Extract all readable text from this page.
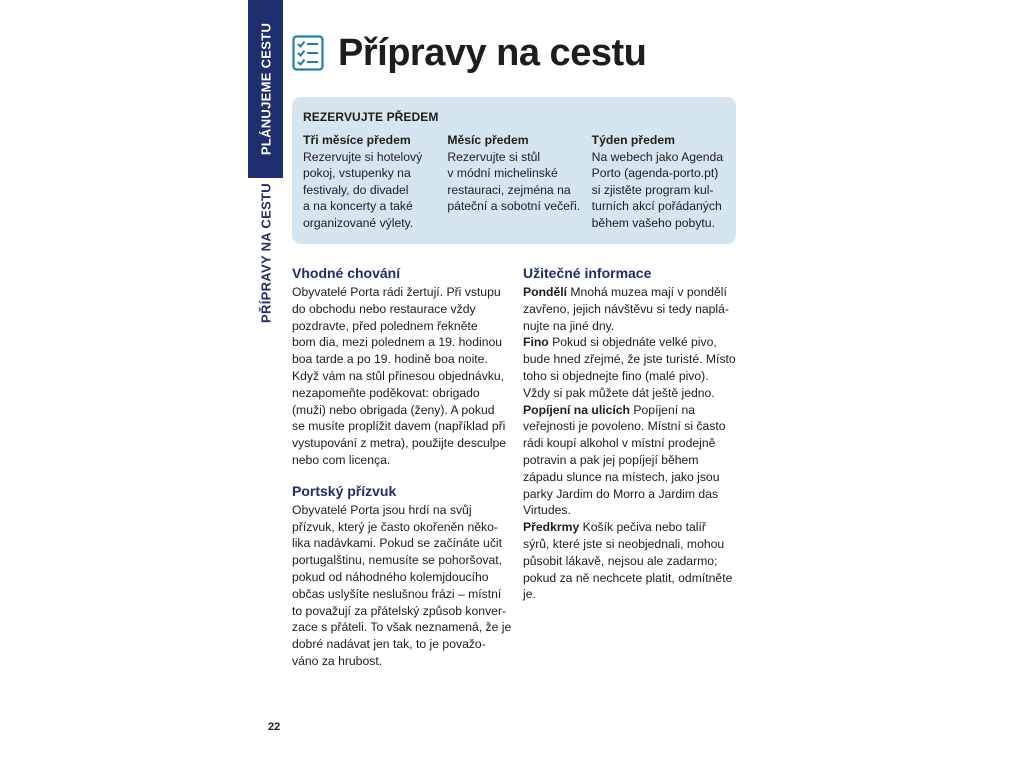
PLÁNUJEME CESTU
PŘÍPRAVY NA CESTU
Přípravy na cestu
REZERVUJTE PŘEDEM
Tři měsíce předem
Rezervujte si hotelový
pokoj, vstupenky na
festivaly, do divadel
a na koncerty a také
organizované výlety.
Měsíc předem
Rezervujte si stůl
v módní michelinské
restauraci, zejména na
páteční a sobotní večeři.
Týden předem
Na webech jako Agenda
Porto (agenda-porto.pt)
si zjistěte program kul-
turních akcí pořádaných
během vašeho pobytu.
Vhodné chování
Obyvatelé Porta rádi žertují. Při vstupu
do obchodu nebo restaurace vždy
pozdravte, před polednem řekněte
bom dia, mezi polednem a 19. hodinou
boa tarde a po 19. hodině boa noite.
Když vám na stůl přinesou objednávku,
nezapomeňte poděkovat: obrigado
(muži) nebo obrigada (ženy). A pokud
se musíte proplížit davem (například při
vystupování z metra), použijte desculpe
nebo com licença.
Portský přízvuk
Obyvatelé Porta jsou hrdí na svůj
přízvuk, který je často okořeněn něko-
lika nadávkami. Pokud se začínáte učit
portugalštinu, nemusíte se pohoršovat,
pokud od náhodného kolemjdoucího
občas uslyšíte neslušnou frázi – místní
to považují za přátelský způsob konver-
zace s přáteli. To však neznamená, že je
dobré nadávat jen tak, to je považo-
váno za hrubost.
Užitečné informace
Pondělí Mnohá muzea mají v pondělí
zavřeno, jejich návštěvu si tedy naplá-
nujte na jiné dny.
Fino Pokud si objednáte velké pivo,
bude hned zřejmé, že jste turisté. Místo
toho si objednejte fino (malé pivo).
Vždy si pak můžete dát ještě jedno.
Popíjení na ulicích Popíjení na
veřejnosti je povoleno. Místní si často
rádi koupí alkohol v místní prodejně
potravin a pak jej popíjejí během
západu slunce na místech, jako jsou
parky Jardim do Morro a Jardim das
Virtudes.
Předkrmy Košík pečiva nebo talíř
sýrů, které jste si neobjednali, mohou
působit lákavě, nejsou ale zadarmo;
pokud za ně nechcete platit, odmítněte
je.
22
